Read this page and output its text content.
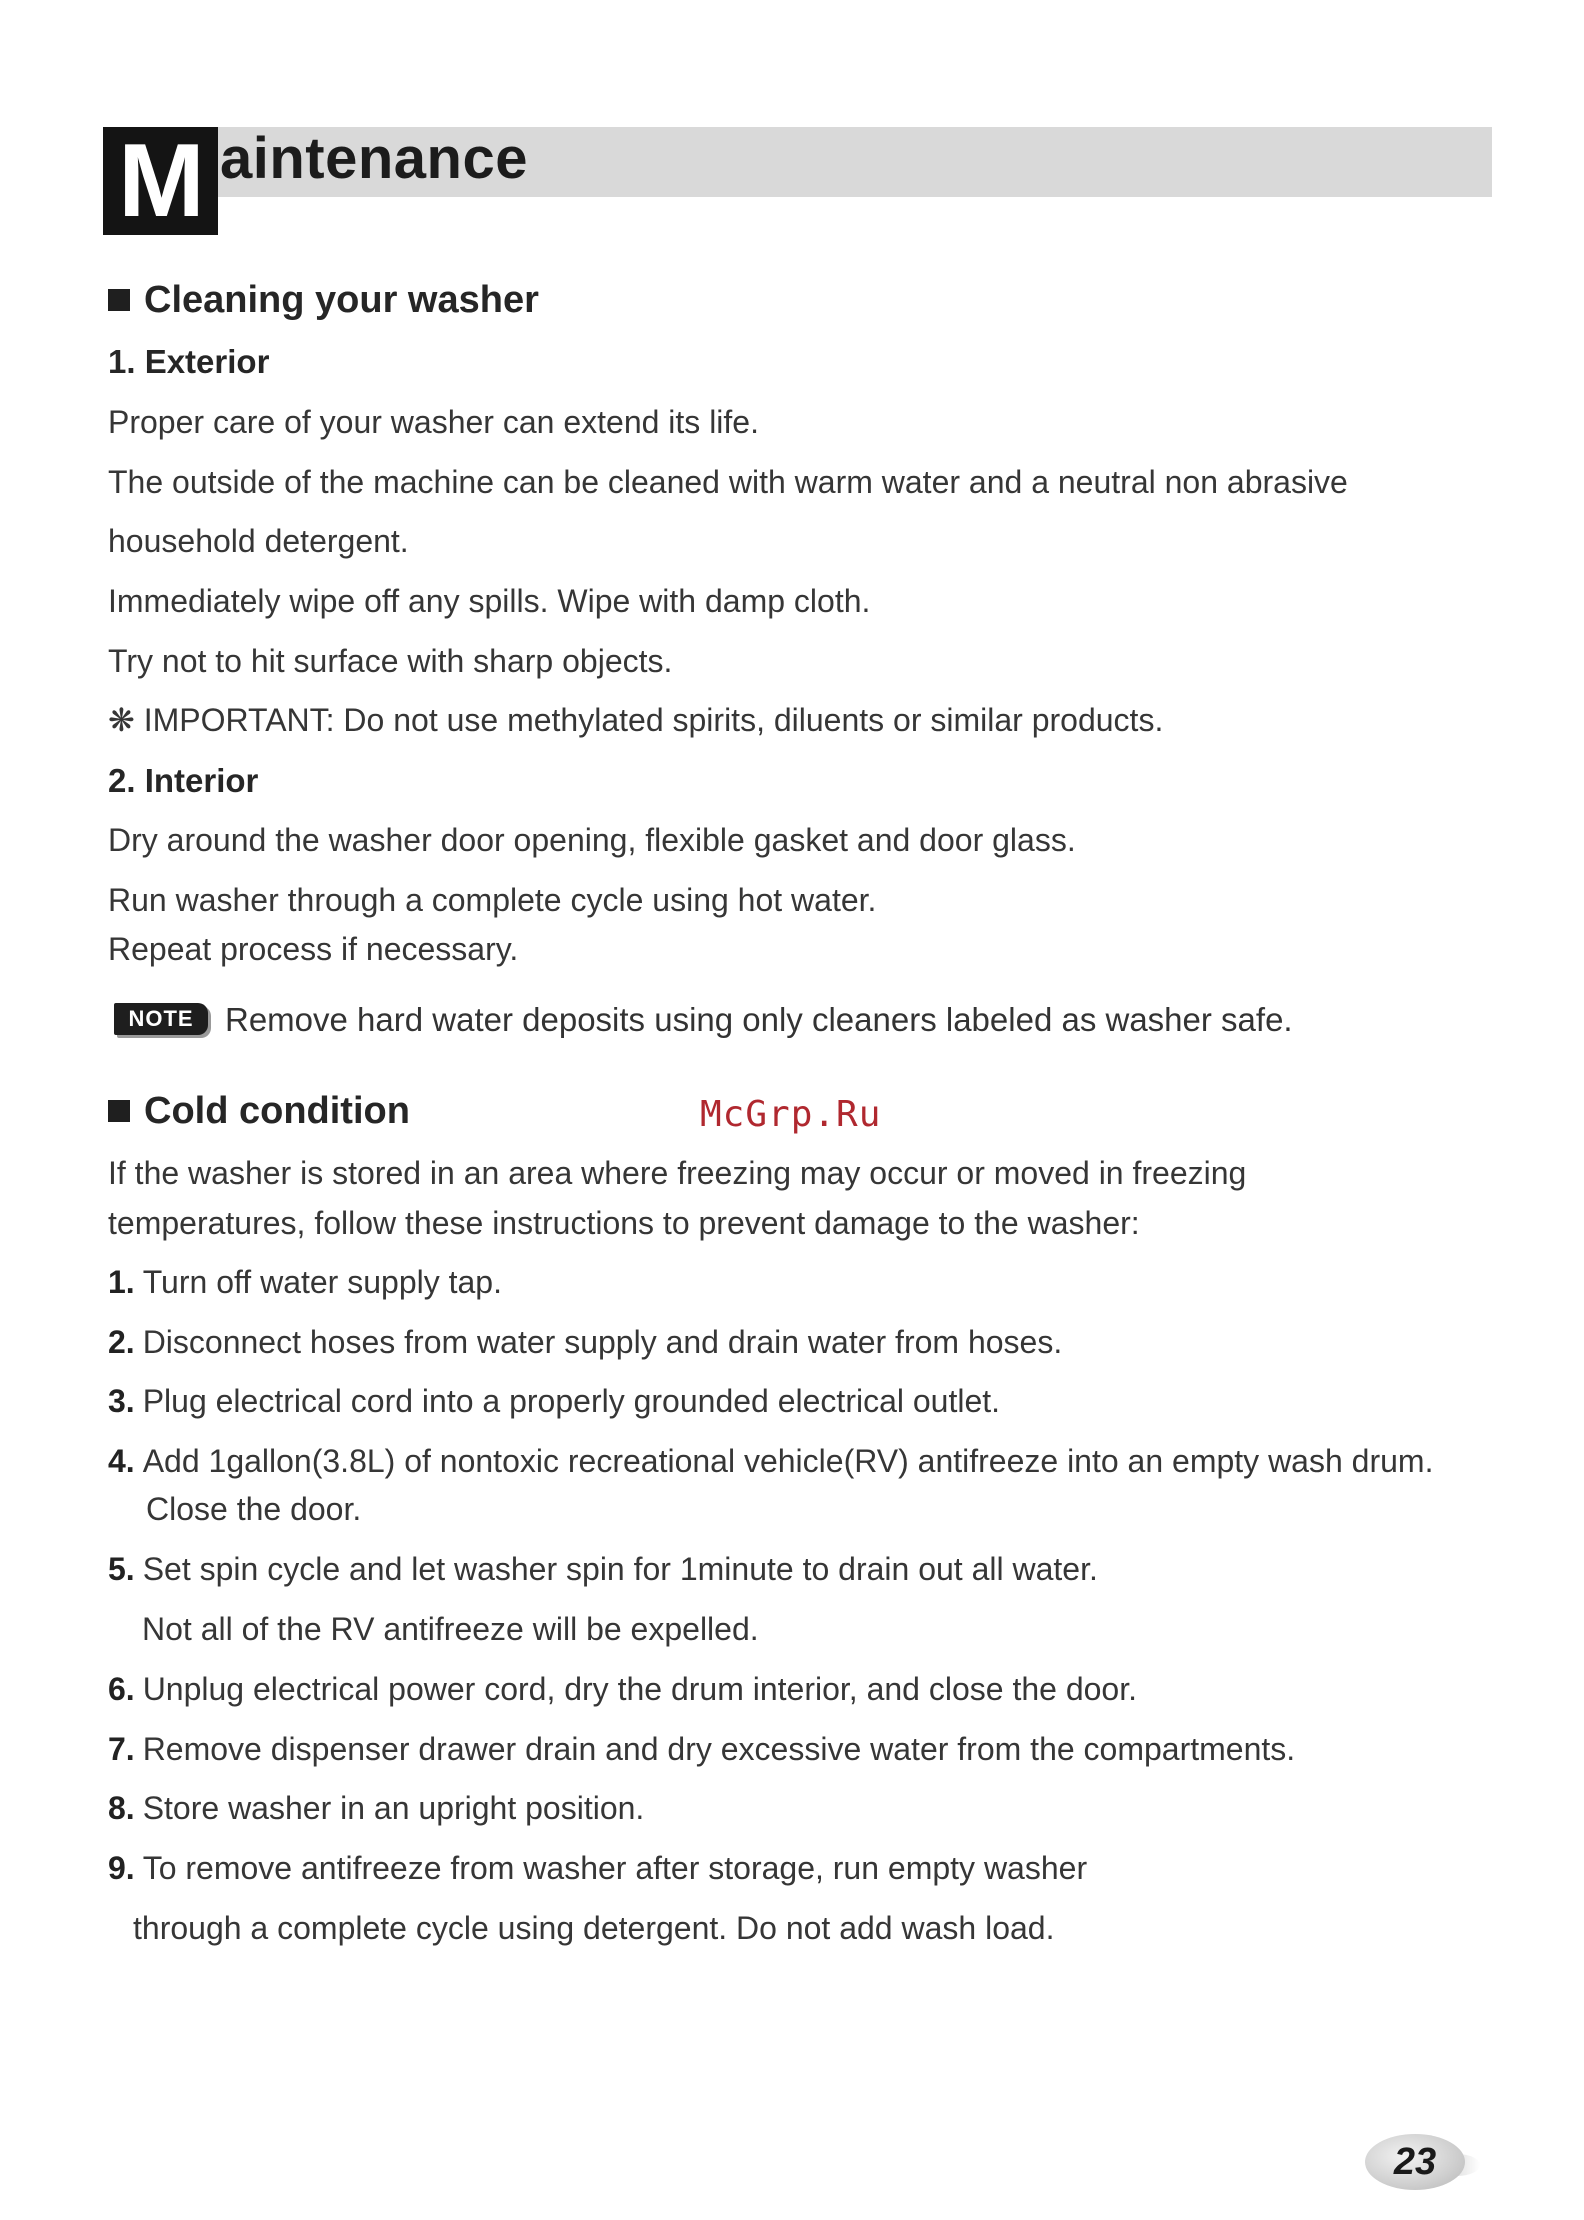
M aintenance
Cleaning your washer
1. Exterior
Proper care of your washer can extend its life.
The outside of the machine can be cleaned with warm water and a neutral non abrasive
household detergent.
Immediately wipe off any spills. Wipe with damp cloth.
Try not to hit surface with sharp objects.
❋ IMPORTANT: Do not use methylated spirits, diluents or similar products.
2. Interior
Dry around the washer door opening, flexible gasket and door glass.
Run washer through a complete cycle using hot water.
Repeat process if necessary.
NOTE Remove hard water deposits using only cleaners labeled as washer safe.
Cold condition	McGrp.Ru
If the washer is stored in an area where freezing may occur or moved in freezing
temperatures, follow these instructions to prevent damage to the washer:
1. Turn off water supply tap.
2. Disconnect hoses from water supply and drain water from hoses.
3. Plug electrical cord into a properly grounded electrical outlet.
4. Add 1gallon(3.8L) of nontoxic recreational vehicle(RV) antifreeze into an empty wash drum.
Close the door.
5. Set spin cycle and let washer spin for 1minute to drain out all water.
Not all of the RV antifreeze will be expelled.
6. Unplug electrical power cord, dry the drum interior, and close the door.
7. Remove dispenser drawer drain and dry excessive water from the compartments.
8. Store washer in an upright position.
9. To remove antifreeze from washer after storage, run empty washer
through a complete cycle using detergent. Do not add wash load.
23
